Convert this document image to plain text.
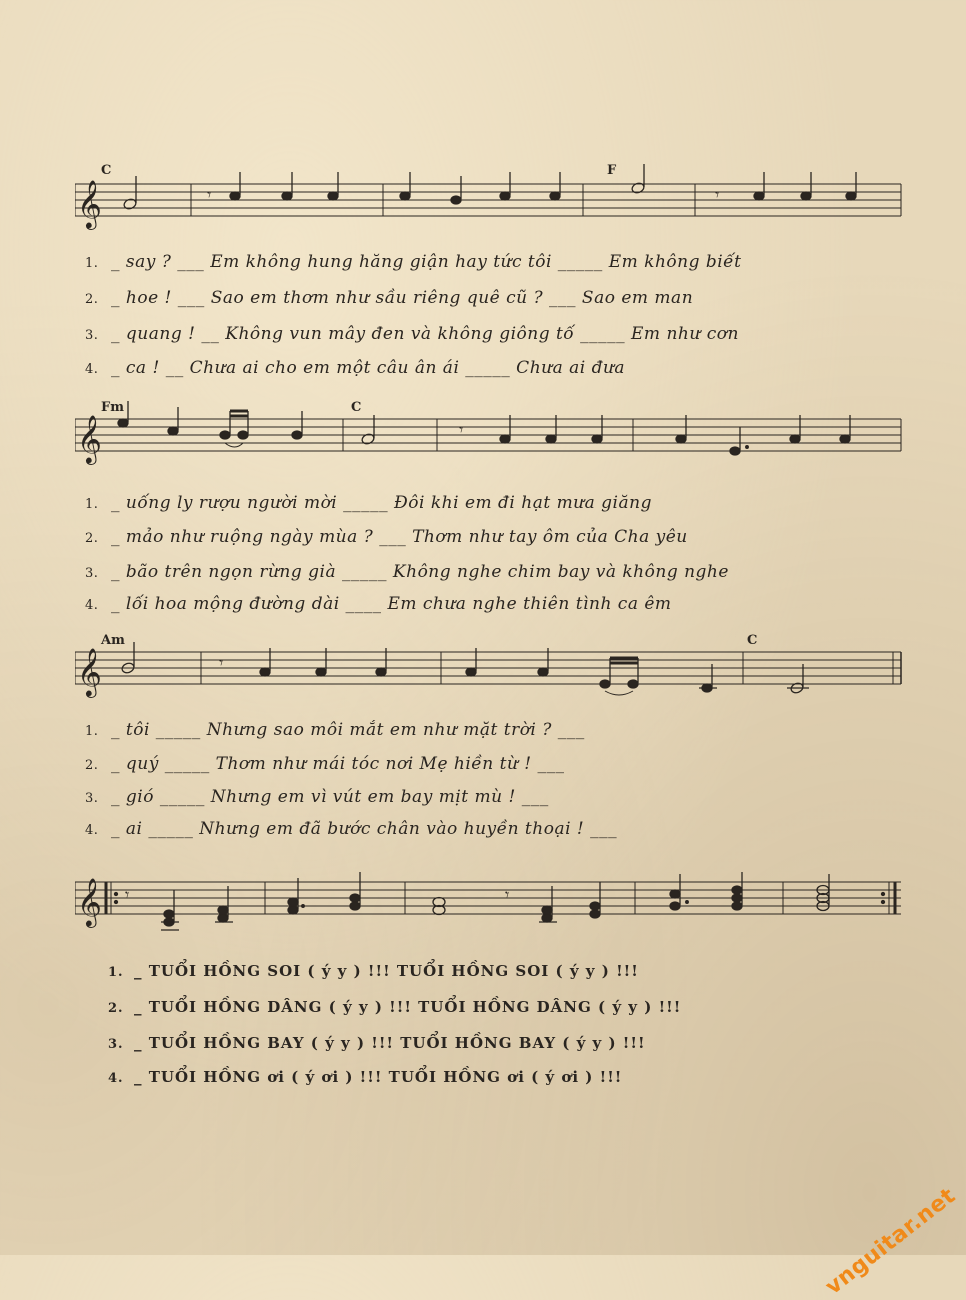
𝄞
C	F
𝄾	𝄾
1. _ say ? ___ Em không hung hăng giận hay tức tôi _____ Em không biết
2. _ hoe ! ___ Sao em thơm như sầu riêng quê cũ ? ___ Sao em man
3. _ quang ! __ Không vun mây đen và không giông tố _____ Em như cơn
4. _ ca ! __ Chưa ai cho em một câu ân ái _____ Chưa ai đưa
𝄞
Fm	C
𝄾
1. _ uống ly rượu người mời _____ Đôi khi em đi hạt mưa giăng
2. _ mảo như ruộng ngày mùa ? ___ Thơm như tay ôm của Cha yêu
3. _ bão trên ngọn rừng già _____ Không nghe chim bay và không nghe
4. _ lối hoa mộng đường dài ____ Em chưa nghe thiên tình ca êm
𝄞
Am	C
𝄾
1. _ tôi _____ Nhưng sao môi mắt em như mặt trời ? ___
2. _ quý _____ Thơm như mái tóc nơi Mẹ hiền từ ! ___
3. _ gió _____ Nhưng em vì vút em bay mịt mù ! ___
4. _ ai _____ Nhưng em đã bước chân vào huyền thoại ! ___
𝄞 𝄾	𝄾
1. _ TUỔI HỒNG SOI ( ý y ) !!! TUỔI HỒNG SOI ( ý y ) !!!
2. _ TUỔI HỒNG DÂNG ( ý y ) !!! TUỔI HỒNG DÂNG ( ý y ) !!!
3. _ TUỔI HỒNG BAY ( ý y ) !!! TUỔI HỒNG BAY ( ý y ) !!!
4. _ TUỔI HỒNG ơi ( ý ơi ) !!! TUỔI HỒNG ơi ( ý ơi ) !!!
vnguitar.net
